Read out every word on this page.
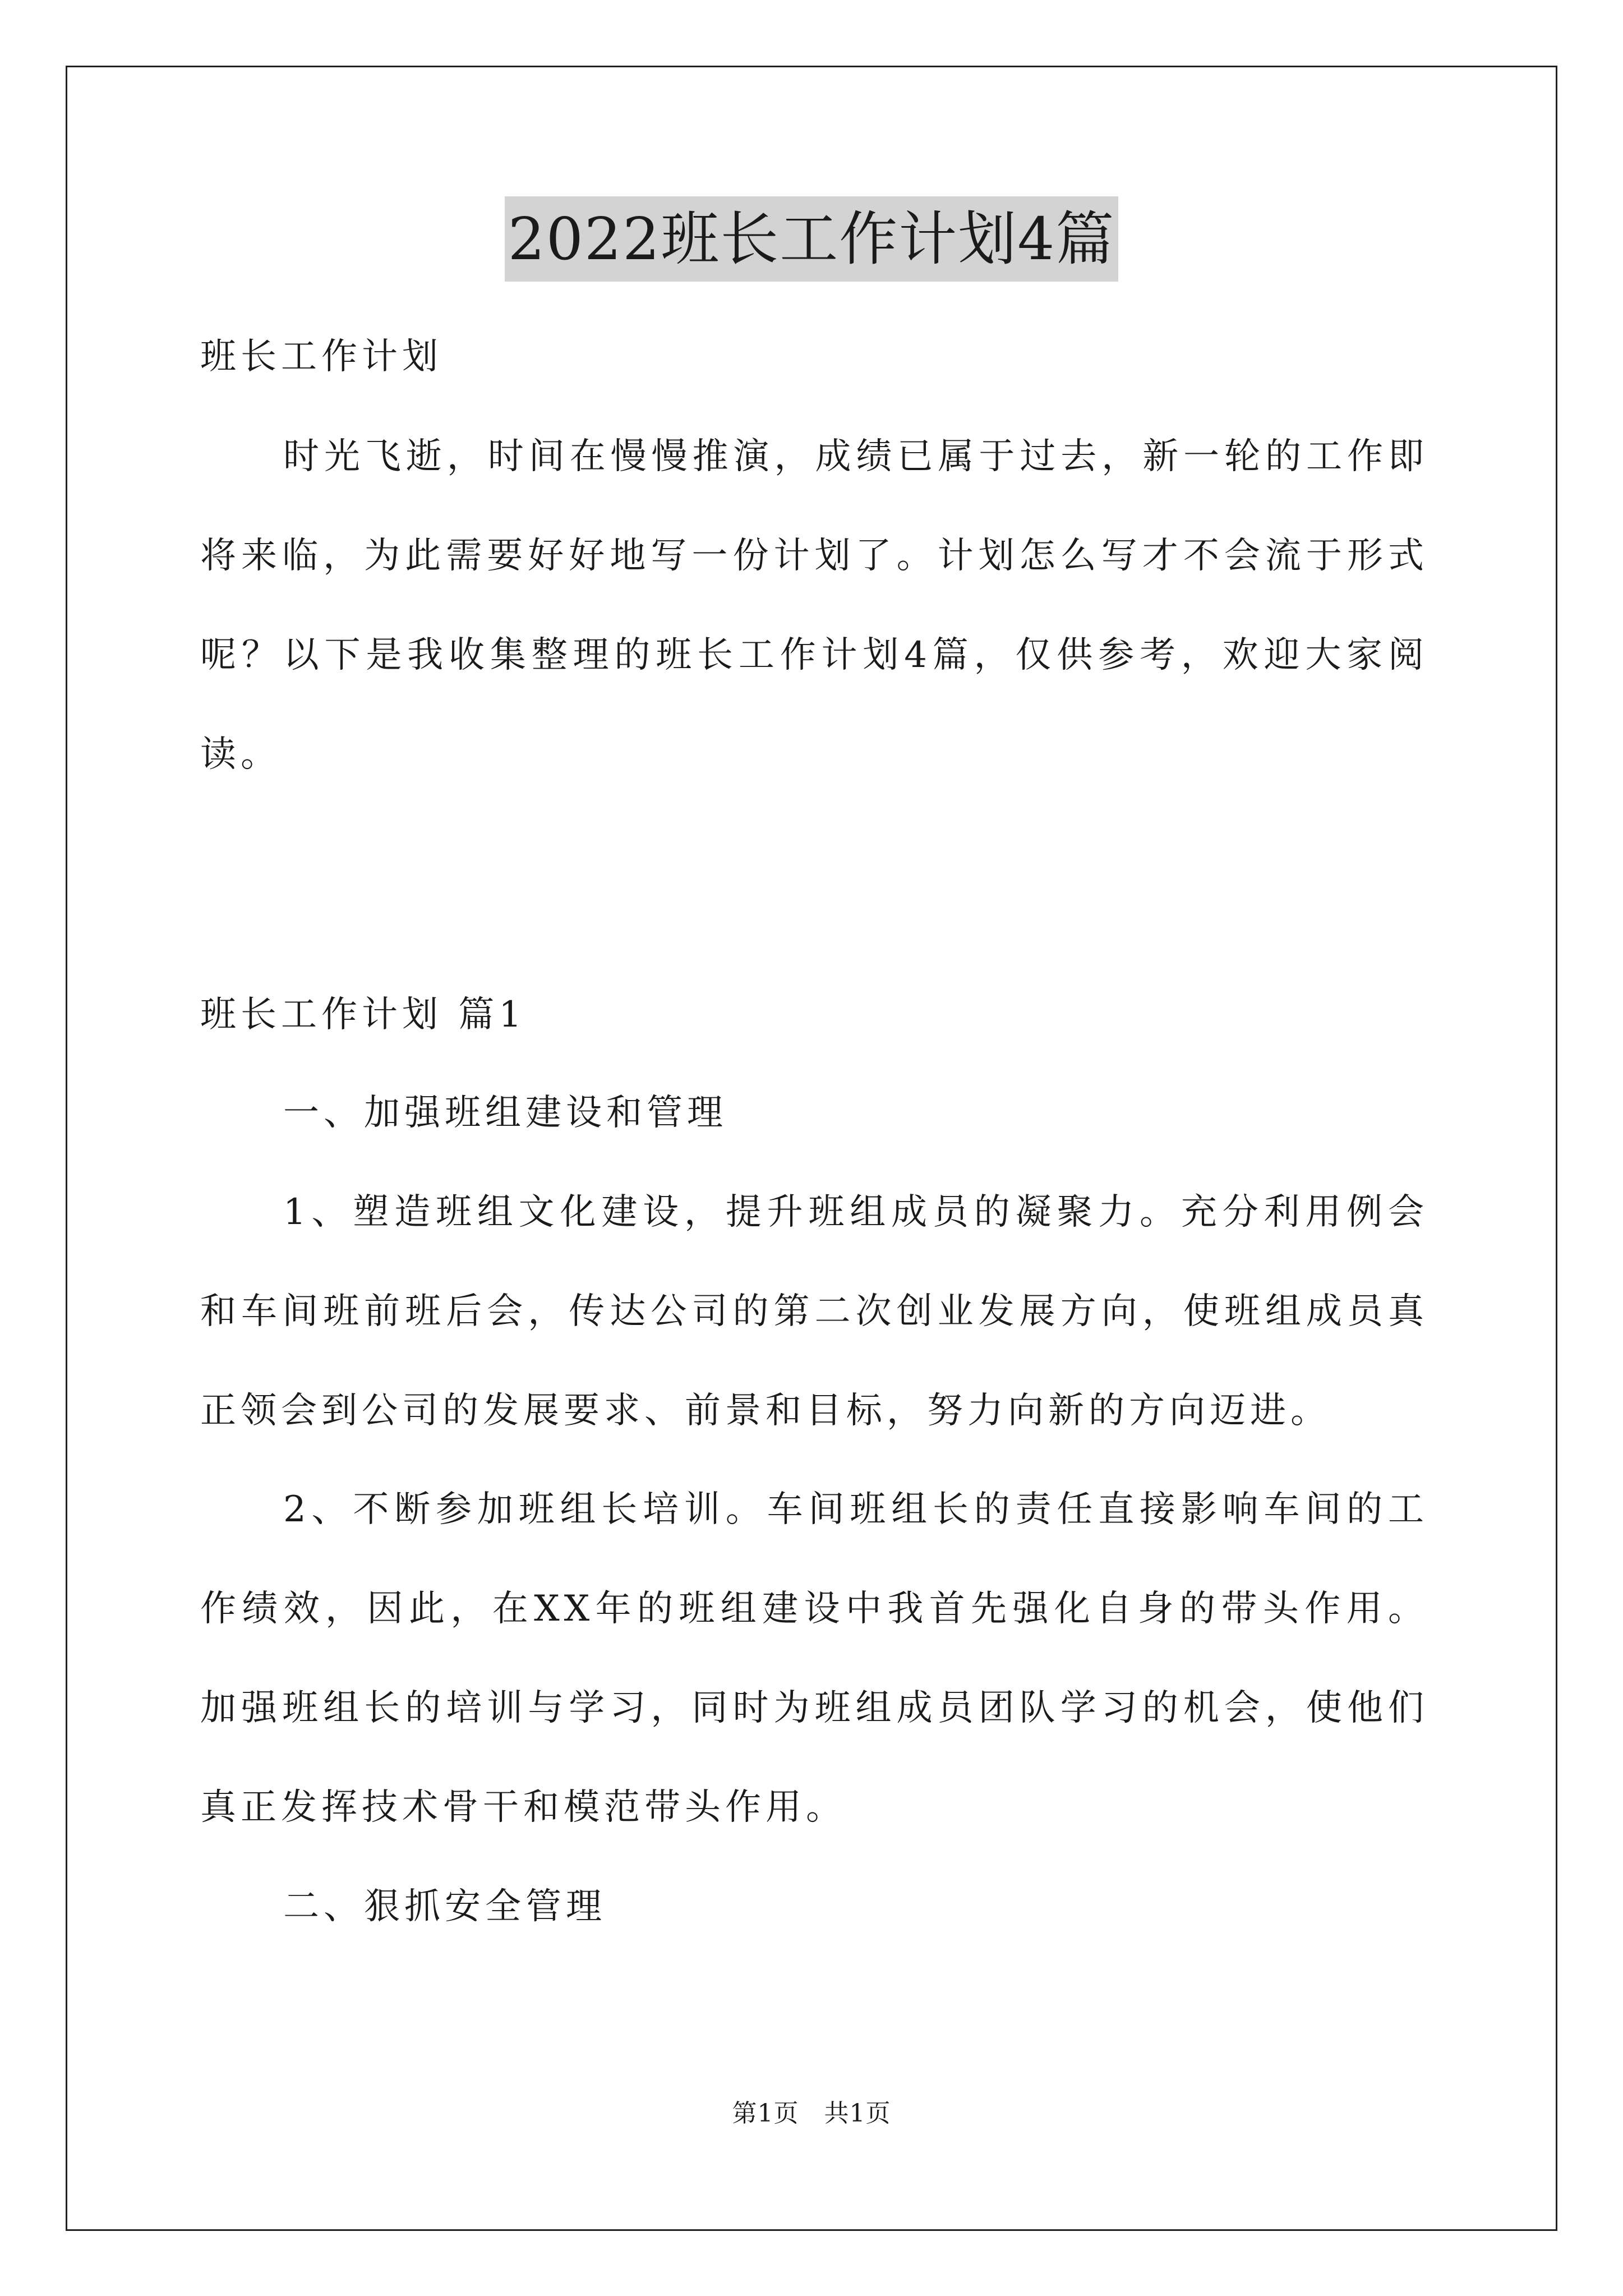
2022班长工作计划4篇

班长工作计划

时光飞逝，时间在慢慢推演，成绩已属于过去，新一轮的工作即将来临，为此需要好好地写一份计划了。计划怎么写才不会流于形式呢？以下是我收集整理的班长工作计划4篇，仅供参考，欢迎大家阅读。

班长工作计划 篇1

一、加强班组建设和管理

1、塑造班组文化建设，提升班组成员的凝聚力。充分利用例会和车间班前班后会，传达公司的第二次创业发展方向，使班组成员真正领会到公司的发展要求、前景和目标，努力向新的方向迈进。

2、不断参加班组长培训。车间班组长的责任直接影响车间的工作绩效，因此，在XX年的班组建设中我首先强化自身的带头作用。加强班组长的培训与学习，同时为班组成员团队学习的机会，使他们真正发挥技术骨干和模范带头作用。

二、狠抓安全管理

第1页　共1页
